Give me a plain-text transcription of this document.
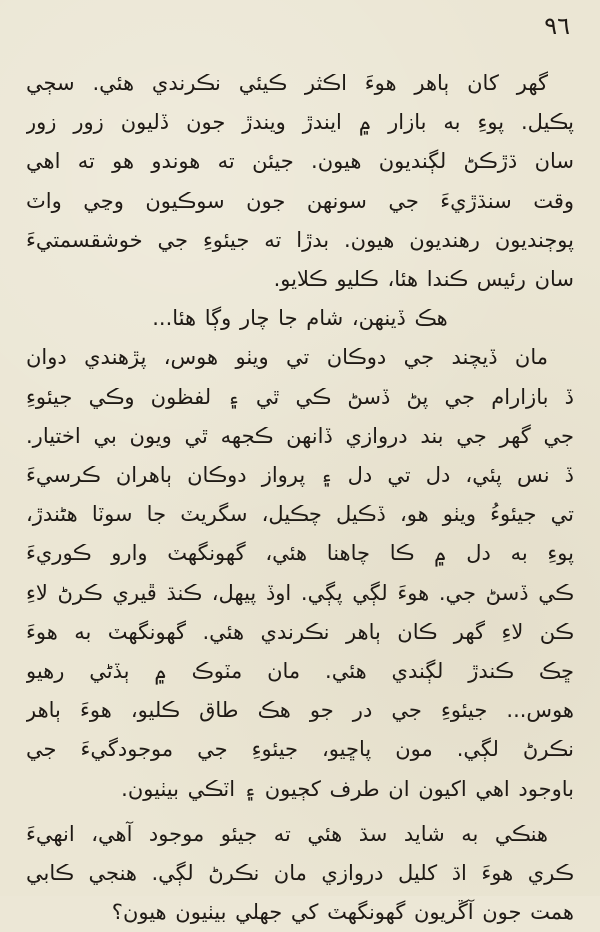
٩٦

گهر کان ٻاهر هوءَ اڪثر ڪيئي نڪرندي هئي. سڄي
پڪيل. پوءِ به بازار ۾ ايندڙ ويندڙ جون ڏليون زور زور
سان ڌڙڪڻ لڳنديون هيون. جيئن ته هوندو هو ته اهي
وقت سنڌڙيءَ جي سونهن جون سوڪيون وڃي واٽ
پوڄنديون رهنديون هيون. بدڙا ته جيئوءِ جي خوشقسمتيءَ
سان رئيس ڪندا هئا، ڪليو ڪلايو.

هڪ ڏينهن، شام جا چار وڳا هئا...

مان ڏيچند جي دوڪان تي ويٺو هوس، پڙهندي دوان
ڏ بازارام جي پڻ ڏسڻ ڪي ٿي ۽ لفظون وڪي جيئوءِ
جي گهر جي بند دروازي ڏانهن ڪجهه ٿي ويون بي اختيار.
ڏ نس پئي، دل تي دل ۽ پرواز دوڪان ٻاهران ڪرسيءَ
تي جيئوءُ ويٺو هو، ڏڪيل چڪيل، سگريٽ جا سوٽا هڻندڙ،
پوءِ به دل ۾ ڪا چاهنا هئي، گهونگهٽ وارو ڪوريءَ
ڪي ڏسڻ جي. هوءَ لڳي پڳي. اوڏ پيهل، ڪنڌ ڦيري ڪرڻ لاءِ
ڪن لاءِ گهر ڪان ٻاهر نڪرندي هئي. گهونگهٽ به هوءَ
ڇڪ ڪندڙ لڳندي هئي. مان مٽوڪ ۾ ٻڏڻي رهيو
هوس... جيئوءِ جي در جو هڪ طاق ڪليو، هوءَ ٻاهر
نڪرڻ لڳي. مون پاڇيو، جيئوءِ جي موجودگيءَ جي
باوجود اهي اکيون ان طرف کڄيون ۽ اٽڪي بيٺيون.

هنڪي به شايد سڌ هئي ته جيئو موجود آهي، انهيءَ
ڪري هوءَ اڌ کليل دروازي مان نڪرڻ لڳي. هنجي ڪابي
همت جون آڱريون گهونگهٽ کي جهلي بيٺيون هيون؟
